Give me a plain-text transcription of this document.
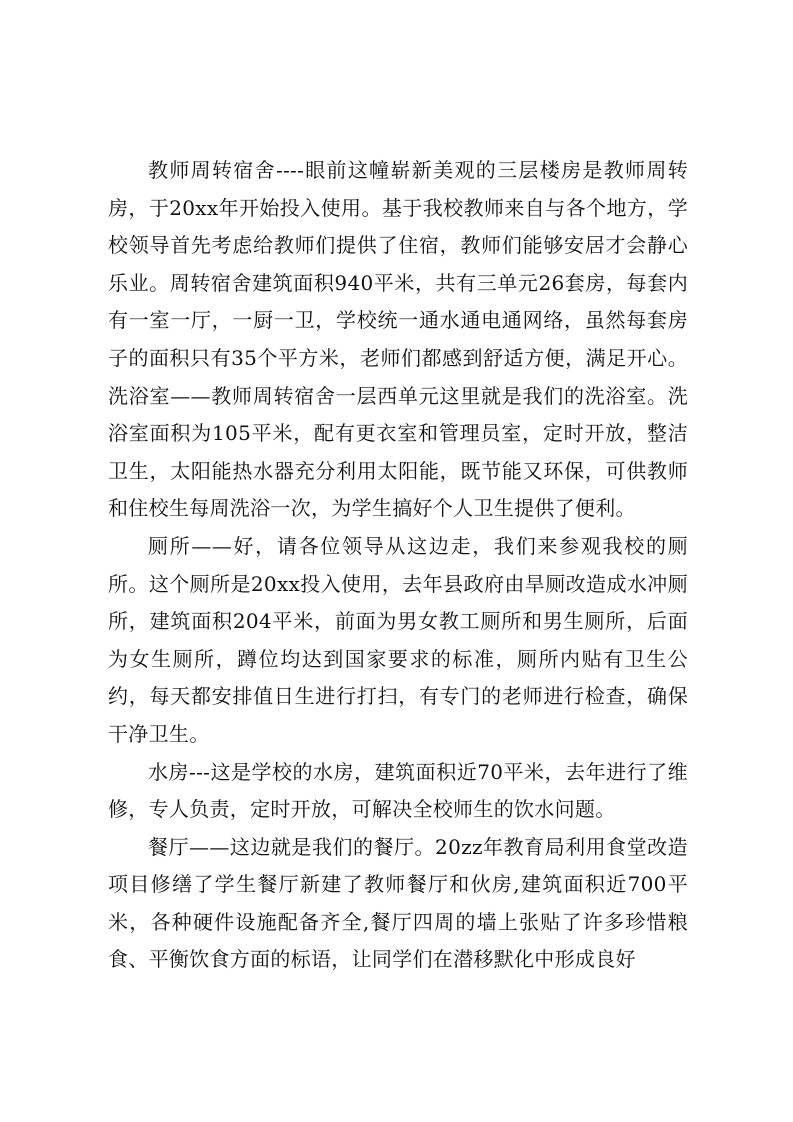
教师周转宿舍----眼前这幢崭新美观的三层楼房是教师周转房，于20xx年开始投入使用。基于我校教师来自与各个地方，学校领导首先考虑给教师们提供了住宿，教师们能够安居才会静心乐业。周转宿舍建筑面积940平米，共有三单元26套房，每套内有一室一厅，一厨一卫，学校统一通水通电通网络，虽然每套房子的面积只有35个平方米，老师们都感到舒适方便，满足开心。洗浴室——教师周转宿舍一层西单元这里就是我们的洗浴室。洗浴室面积为105平米，配有更衣室和管理员室，定时开放，整洁卫生，太阳能热水器充分利用太阳能，既节能又环保，可供教师和住校生每周洗浴一次，为学生搞好个人卫生提供了便利。

厕所——好，请各位领导从这边走，我们来参观我校的厕所。这个厕所是20xx投入使用，去年县政府由旱厕改造成水冲厕所，建筑面积204平米，前面为男女教工厕所和男生厕所，后面为女生厕所，蹲位均达到国家要求的标准，厕所内贴有卫生公约，每天都安排值日生进行打扫，有专门的老师进行检查，确保干净卫生。

水房---这是学校的水房，建筑面积近70平米，去年进行了维修，专人负责，定时开放，可解决全校师生的饮水问题。

餐厅——这边就是我们的餐厅。20zz年教育局利用食堂改造项目修缮了学生餐厅新建了教师餐厅和伙房,建筑面积近700平米，各种硬件设施配备齐全,餐厅四周的墙上张贴了许多珍惜粮食、平衡饮食方面的标语，让同学们在潜移默化中形成良好
